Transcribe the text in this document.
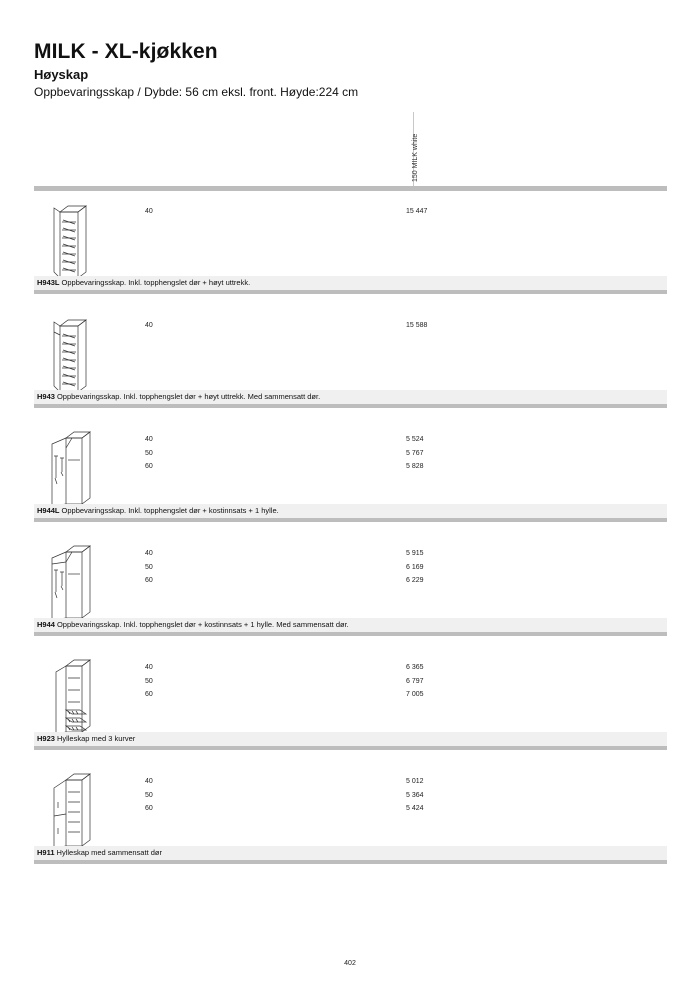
MILK - XL-kjøkken
Høyskap

Oppbevaringsskap / Dybde: 56 cm eksl. front. Høyde:224 cm

150 MILK white
40	15 447
H943L Oppbevaringsskap. Inkl. topphengslet dør + høyt uttrekk.
40	15 588
H943 Oppbevaringsskap. Inkl. topphengslet dør + høyt uttrekk. Med sammensatt dør.
40	5 524
50	5 767
60	5 828
H944L Oppbevaringsskap. Inkl. topphengslet dør + kostinnsats + 1 hylle.
40	5 915
50	6 169
60	6 229
H944 Oppbevaringsskap. Inkl. topphengslet dør + kostinnsats + 1 hylle. Med sammensatt dør.
40	6 365
50	6 797
60	7 005
H923 Hylleskap med 3 kurver
40	5 012
50	5 364
60	5 424
H911 Hylleskap med sammensatt dør
402
